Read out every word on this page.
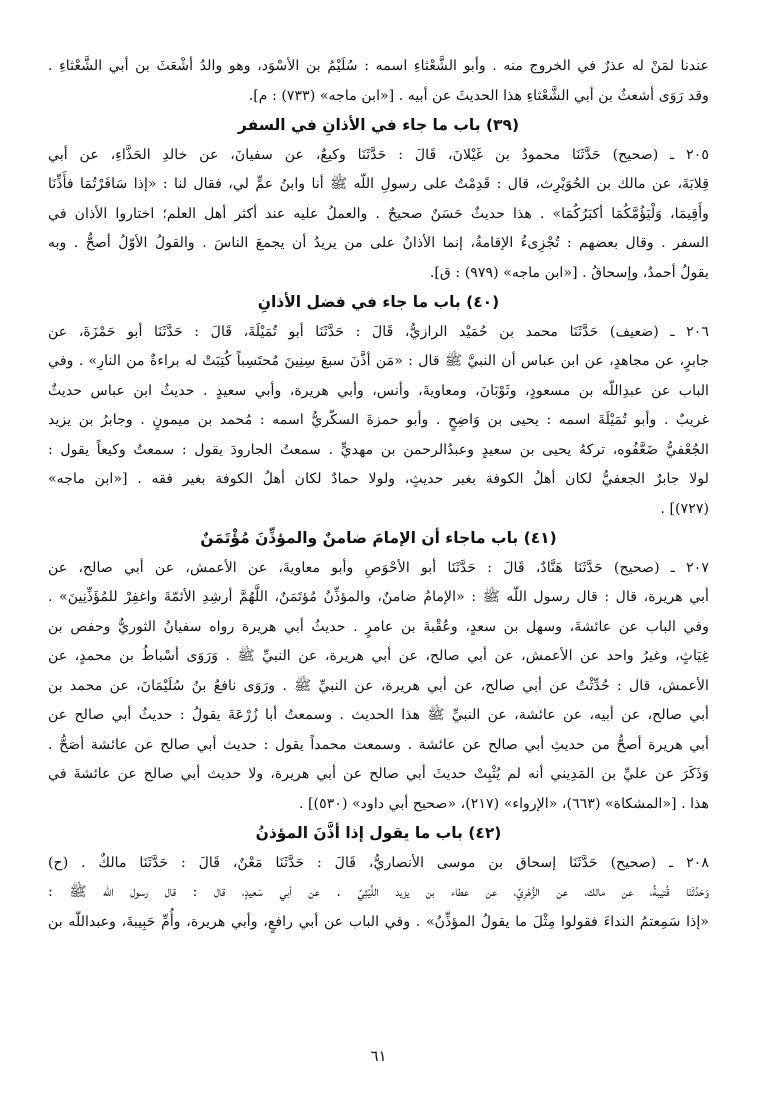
عندنا لمَنْ له عذرٌ في الخروج منه . وأبو الشَّعْثاءِ اسمه : سُلَيْمُ بن الأسْوَد، وهو والدُ أشْعَثَ بن أبي الشَّعْثاءِ .
وقد رَوَى أشعثُ بن أبي الشَّعْثاءِ هذا الحديثَ عن أبيه . [«ابن ماجه» (٧٣٣) : م].
(٣٩) باب ما جاء في الأذانِ في السفر
٢٠٥ ـ (صحيح) حَدَّثَنَا محمودُ بن غَيْلانَ، قَالَ : حَدَّثَنَا وكيعٌ، عن سفيانَ، عن خالدِ الحَذَّاءِ، عن أبي
قِلابَةَ، عن مالك بن الحُوَيْرِث، قال : قَدِمْتُ على رسولِ اللّه ﷺ أنا وابنُ عمٍّ لي، فقال لنا : «إذا سَافَرْتُمَا فأَذِّنَا
وأَقِيمَا، وَلْيَؤُمَّكُمَا أكبَرُكُمَا» . هذا حديثٌ حَسَنٌ صحيحٌ . والعملُ عليه عند أكثر أهل العلم؛ اختاروا الأذان في
السفر . وقال بعضهم : تُجْزِىءُ الإقامةُ، إنما الأذانُ على من يريدُ أن يجمعَ الناسَ . والقولُ الأوّلُ أصحُّ . وبه
يقولُ أحمدُ، وإسحاقُ . [«ابن ماجه» (٩٧٩) : ق].
(٤٠) باب ما جاء في فضل الأذانِ
٢٠٦ ـ (ضعيف) حَدَّثَنَا محمد بن حُمَيْد الرازيُّ، قَالَ : حَدَّثَنَا أبو تُمَيْلَةَ، قَالَ : حَدَّثَنَا أبو حَمْزَةَ، عن
جابرٍ، عن مجاهدٍ، عن ابن عباس أن النبيَّ ﷺ قال : «مَن أذَّنَ سبعَ سِنِينَ مُحتَسِباً كُتِبَتْ له براءةٌ من النارِ» . وفي
الباب عن عبدِاللّه بن مسعودٍ، وثَوْبَانَ، ومعاويةَ، وأنس، وأبي هريرة، وأبي سعيدٍ . حديثُ ابن عباس حديثٌ
غريبٌ . وأبو تُمَيْلَةَ اسمه : يحيى بن وَاضِحٍ . وأبو حمزةَ السكّريُّ اسمه : مُحمد بن ميمونٍ . وجابرُ بن يزيد
الجُعْفيُّ ضَعَّفُوه، تركهُ يحيى بن سعيدٍ وعبدُالرحمن بن مهديٍّ . سمعتُ الجارودَ يقول : سمعتُ وكيعاً يقول :
لولا جابرٌ الجعفيُّ لكان أهلُ الكوفة بغير حديثٍ، ولولا حمادٌ لكان أهلُ الكوفة بغير فقه . [«ابن ماجه»
(٧٢٧)] .
(٤١) باب ماجاء أن الإمامَ ضامنٌ والمؤذِّنَ مُؤْتَمَنٌ
٢٠٧ ـ (صحيح) حَدَّثَنَا هَنَّادٌ، قَالَ : حَدَّثَنَا أبو الأحْوَصِ وأبو معاويةَ، عن الأعمش، عن أبي صالح، عن
أبي هريرة، قال : قال رسول اللّه ﷺ : «الإمامُ ضامنٌ، والمؤذِّنُ مُؤتَمَنٌ، اللَّهُمَّ أرشِدِ الأئمّةَ واغفِرْ للمُؤَذِّنِينَ» .
وفي الباب عن عائشةَ، وسهل بن سعدٍ، وعُقْبةَ بن عامرٍ . حديثُ أبي هريرة رواه سفيانُ الثوريُّ وحفص بن
غِيَاثٍ، وغيرُ واحد عن الأعمش، عن أبي صالح، عن أبي هريرة، عن النبيِّ ﷺ . وَرَوَى أسْباطُ بن محمدٍ، عن
الأعمش، قال : حُدِّثْتُ عن أبي صالح، عن أبي هريرة، عن النبيِّ ﷺ . ورَوَى نافعُ بنُ سُلَيْمَانَ، عن محمد بن
أبي صالح، عن أبيه، عن عائشة، عن النبيِّ ﷺ هذا الحديث . وسمعتُ أبا زُرْعَةَ يقولُ : حديثُ أبي صالح عن
أبي هريرة أصحُّ من حديثِ أبي صالح عن عائشة . وسمعت محمداً يقول : حديث أبي صالح عن عائشة أصَحُّ .
وَذَكَرَ عن عليِّ بن المَدِيني أنه لم يُثْبِتْ حديثَ أبي صالح عن أبي هريرة، ولا حديث أبي صالح عن عائشةَ في
هذا . [«المشكاة» (٦٦٣)، «الإرواء» (٢١٧)، «صحيح أبي داود» (٥٣٠)] .
(٤٢) باب ما يقول إذا أذَّنَ المؤذنُ
٢٠٨ ـ (صحيح) حَدَّثَنَا إسحاق بن موسى الأنصاريُّ، قَالَ : حَدَّثَنَا مَعْنٌ، قَالَ : حَدَّثَنَا مالكٌ . (ح)
وَحَدَّثَنَا قُتيبةُ، عن مالك، عن الزُّهْرِيِّ، عن عطاء بن يزيد اللَّيْثِيِّ . عن أبي سَعيدٍ، قال : قال رسول اللّه ﷺ :
«إذا سَمِعتمُ النداءَ فقولوا مِثْلَ ما يقولُ المؤذِّنُ» . وفي الباب عن أبي رافعٍ، وأبي هريرة، وأُمِّ حَبِيبةَ، وعبداللّه بن
٦١
